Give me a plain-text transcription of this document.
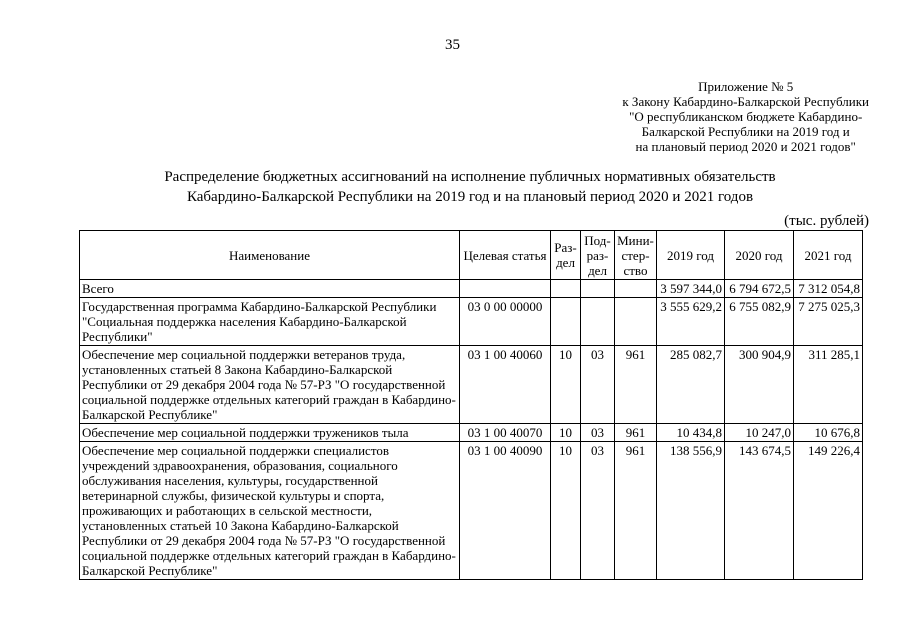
35
Приложение № 5
к Закону Кабардино-Балкарской Республики
"О республиканском бюджете Кабардино-
Балкарской Республики на 2019 год и
на плановый период 2020 и 2021 годов"
Распределение бюджетных ассигнований на исполнение публичных нормативных обязательств
Кабардино-Балкарской Республики на 2019 год и на плановый период 2020 и 2021 годов
(тыс. рублей)
Наименование	Целевая статья	Раз-дел	Под-раз-дел	Мини-стер-ство	2019 год	2020 год	2021 год
Всего					3 597 344,0	6 794 672,5	7 312 054,8
Государственная программа Кабардино-Балкарской Республики "Социальная поддержка населения Кабардино-Балкарской Республики"	03 0 00 00000				3 555 629,2	6 755 082,9	7 275 025,3
Обеспечение мер социальной поддержки ветеранов труда, установленных статьей 8 Закона Кабардино-Балкарской Республики от 29 декабря 2004 года № 57-РЗ "О государственной социальной поддержке отдельных категорий граждан в Кабардино-Балкарской Республике"	03 1 00 40060	10	03	961	285 082,7	300 904,9	311 285,1
Обеспечение мер социальной поддержки тружеников тыла	03 1 00 40070	10	03	961	10 434,8	10 247,0	10 676,8
Обеспечение мер социальной поддержки специалистов учреждений здравоохранения, образования, социального обслуживания населения, культуры, государственной ветеринарной службы, физической культуры и спорта, проживающих и работающих в сельской местности, установленных статьей 10 Закона Кабардино-Балкарской Республики от 29 декабря 2004 года № 57-РЗ "О государственной социальной поддержке отдельных категорий граждан в Кабардино-Балкарской Республике"	03 1 00 40090	10	03	961	138 556,9	143 674,5	149 226,4
